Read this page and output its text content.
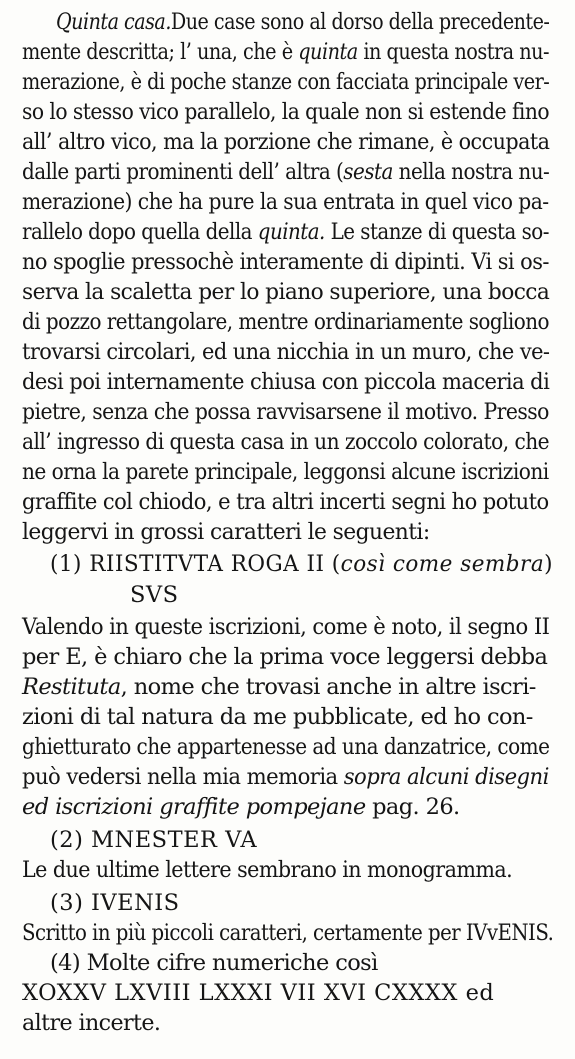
Quinta casa.Due case sono al dorso della precedente-
mente descritta; l’ una, che è quinta in questa nostra nu-
merazione, è di poche stanze con facciata principale ver-
so lo stesso vico parallelo, la quale non si estende fino
all’ altro vico, ma la porzione che rimane, è occupata
dalle parti prominenti dell’ altra (sesta nella nostra nu-
merazione) che ha pure la sua entrata in quel vico pa-
rallelo dopo quella della quinta. Le stanze di questa so-
no spoglie pressochè interamente di dipinti. Vi si os-
serva la scaletta per lo piano superiore, una bocca
di pozzo rettangolare, mentre ordinariamente sogliono
trovarsi circolari, ed una nicchia in un muro, che ve-
desi poi internamente chiusa con piccola maceria di
pietre, senza che possa ravvisarsene il motivo. Presso
all’ ingresso di questa casa in un zoccolo colorato, che
ne orna la parete principale, leggonsi alcune iscrizioni
graffite col chiodo, e tra altri incerti segni ho potuto
leggervi in grossi caratteri le seguenti:
(1) RIISTITVTA ROGA II (così come sembra)
SVS
Valendo in queste iscrizioni, come è noto, il segno II
per E, è chiaro che la prima voce leggersi debba
Restituta, nome che trovasi anche in altre iscri-
zioni di tal natura da me pubblicate, ed ho con-
ghietturato che appartenesse ad una danzatrice, come
può vedersi nella mia memoria sopra alcuni disegni
ed iscrizioni graffite pompejane pag. 26.
(2) MNESTER VA
Le due ultime lettere sembrano in monogramma.
(3) IVENIS
Scritto in più piccoli caratteri, certamente per IVvENIS.
(4) Molte cifre numeriche così
XOXXV LXVIII LXXXI VII XVI CXXXX ed
altre incerte.
